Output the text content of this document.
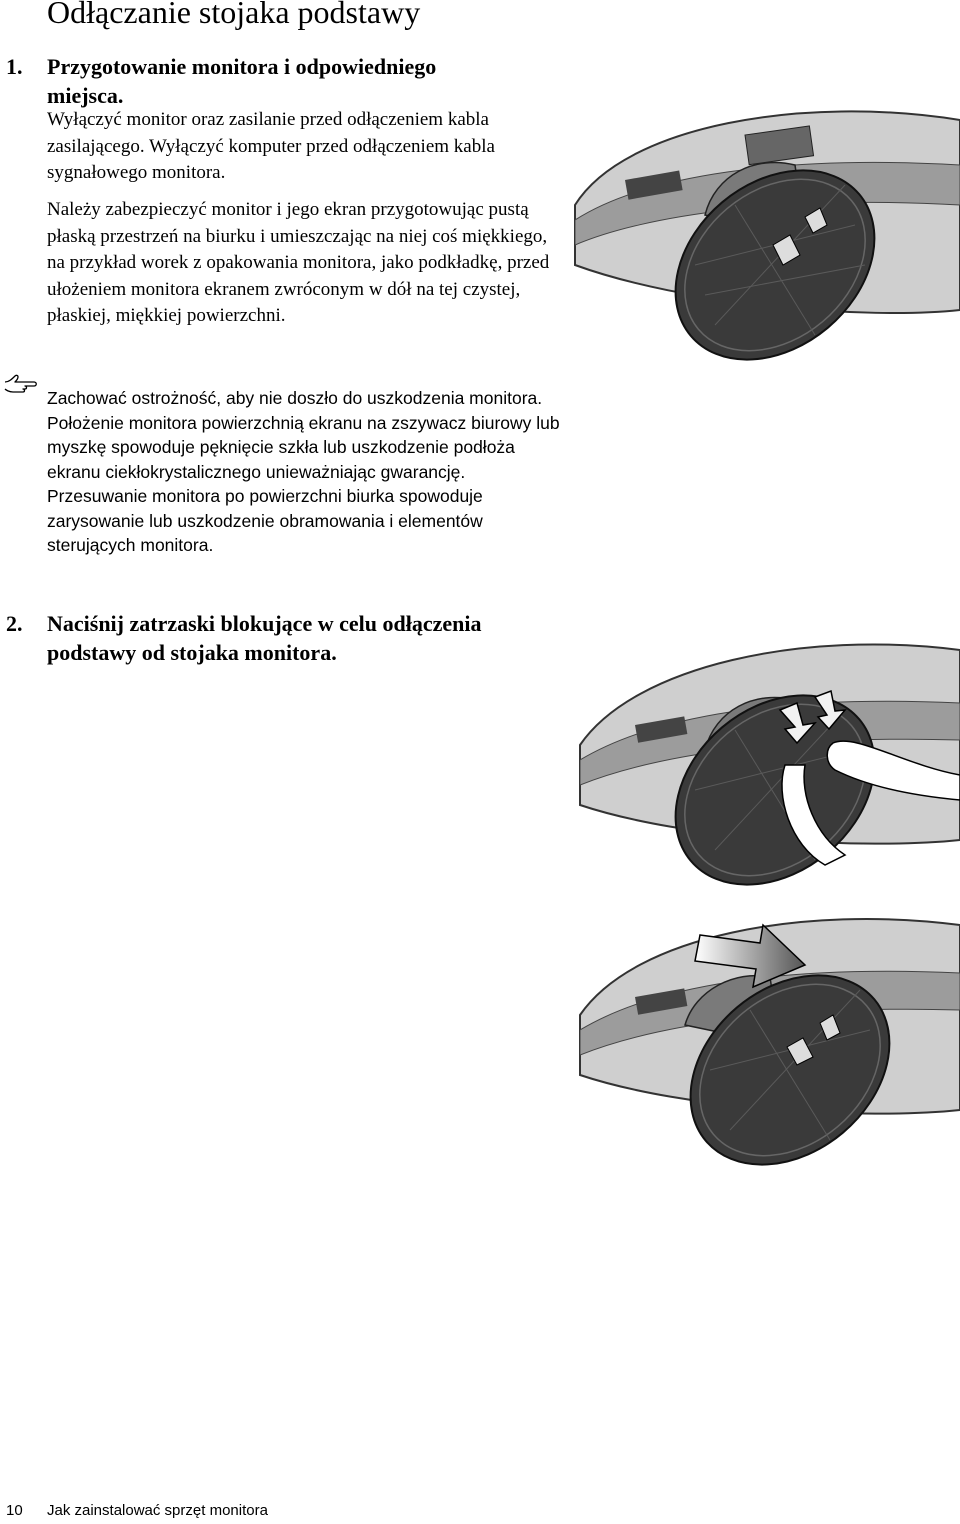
Odłączanie stojaka podstawy
1. Przygotowanie monitora i odpowiedniego
miejsca.

Wyłączyć monitor oraz zasilanie przed odłączeniem kabla zasilającego. Wyłączyć komputer przed odłączeniem kabla sygnałowego monitora.

Należy zabezpieczyć monitor i jego ekran przygotowując pustą płaską przestrzeń na biurku i umieszczając na niej coś miękkiego, na przykład worek z opakowania monitora, jako podkładkę, przed ułożeniem monitora ekranem zwróconym w dół na tej czystej, płaskiej, miękkiej powierzchni.

Zachować ostrożność, aby nie doszło do uszkodzenia monitora. Położenie monitora powierzchnią ekranu na zszywacz biurowy lub myszkę spowoduje pęknięcie szkła lub uszkodzenie podłoża ekranu ciekłokrystalicznego unieważniając gwarancję. Przesuwanie monitora po powierzchni biurka spowoduje zarysowanie lub uszkodzenie obramowania i elementów sterujących monitora.

2. Naciśnij zatrzaski blokujące w celu odłączenia
podstawy od stojaka monitora.
10 Jak zainstalować sprzęt monitora
